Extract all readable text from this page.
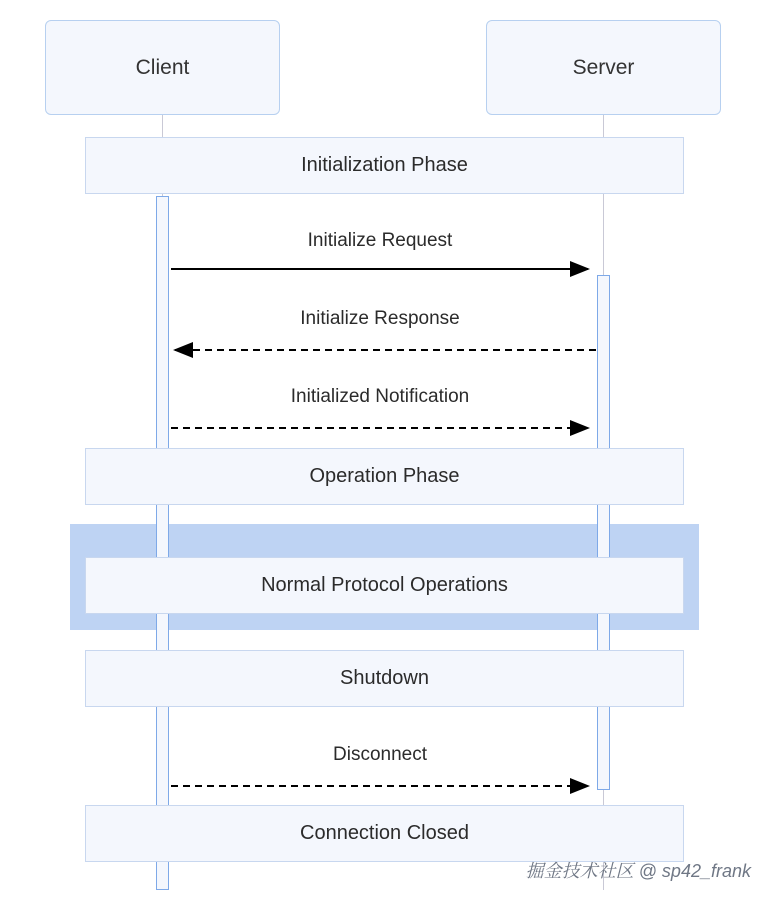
Client	Server
Initialization Phase
Operation Phase
Normal Protocol Operations
Shutdown
Connection Closed
Initialize Request
Initialize Response
Initialized Notification
Disconnect
掘金技术社区 @ sp42_frank
